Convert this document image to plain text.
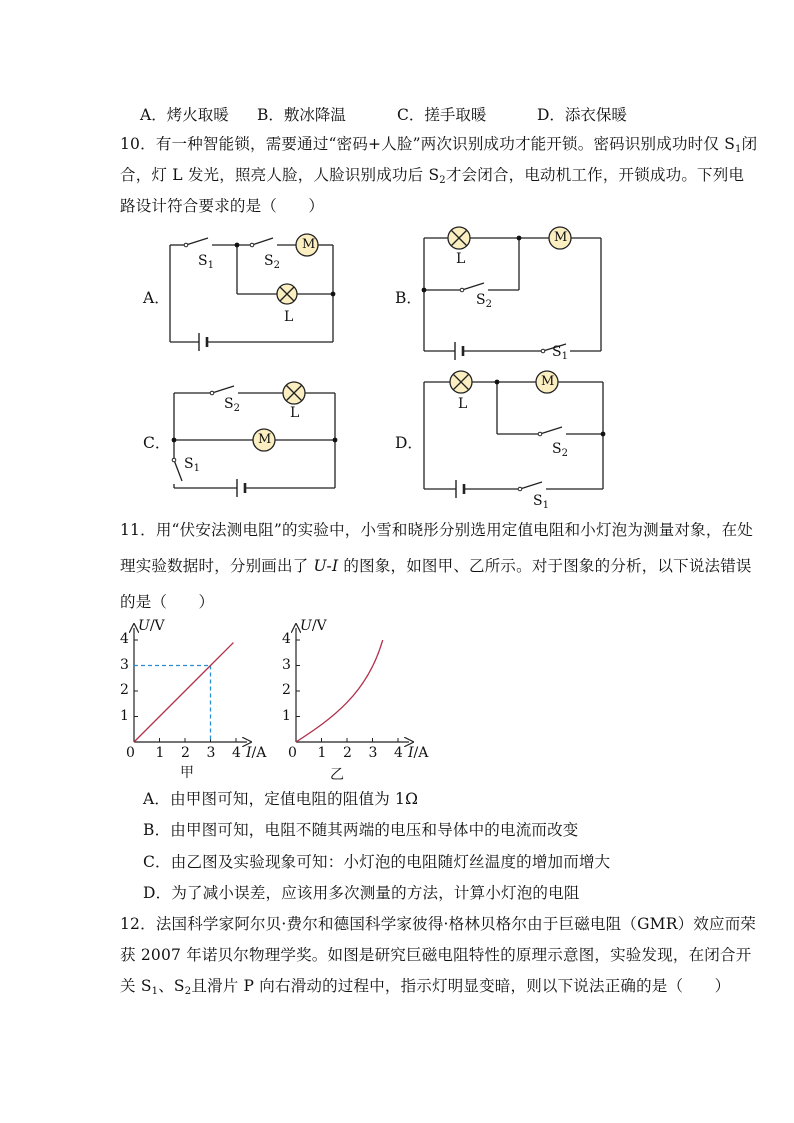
A．烤火取暖 B．敷冰降温	C．搓手取暖	D．添衣保暖
10．有一种智能锁，需要通过“密码+人脸”两次识别成功才能开锁。密码识别成功时仅 $S_1$闭
合，灯 L 发光，照亮人脸，人脸识别成功后 $S_2$才会闭合，电动机工作，开锁成功。下列电
路设计符合要求的是（　　）
A．	B．
C．	D．
M	M
M
M
L
L
L
L
$S_1$	$S_2$
$S_2$
$S_1$
$S_2$
$S_1$
$S_2$
$S_1$
11．用“伏安法测电阻”的实验中，小雪和晓彤分别选用定值电阻和小灯泡为测量对象，在处
理实验数据时，分别画出了 U-I 的图象，如图甲、乙所示。对于图象的分析，以下说法错误
的是（　　）
U/V
I/A
甲
U/V
I/A
乙
1
1
2
2
3
3
4
4
0	1
1
2
2
3
3
4
4
0
A．由甲图可知，定值电阻的阻值为 1Ω
B．由甲图可知，电阻不随其两端的电压和导体中的电流而改变
C．由乙图及实验现象可知：小灯泡的电阻随灯丝温度的增加而增大
D．为了减小误差，应该用多次测量的方法，计算小灯泡的电阻
12．法国科学家阿尔贝·费尔和德国科学家彼得·格林贝格尔由于巨磁电阻（GMR）效应而荣
获 2007 年诺贝尔物理学奖。如图是研究巨磁电阻特性的原理示意图，实验发现，在闭合开
关 $S_1$、$S_2$且滑片 P 向右滑动的过程中，指示灯明显变暗，则以下说法正确的是（　　）
